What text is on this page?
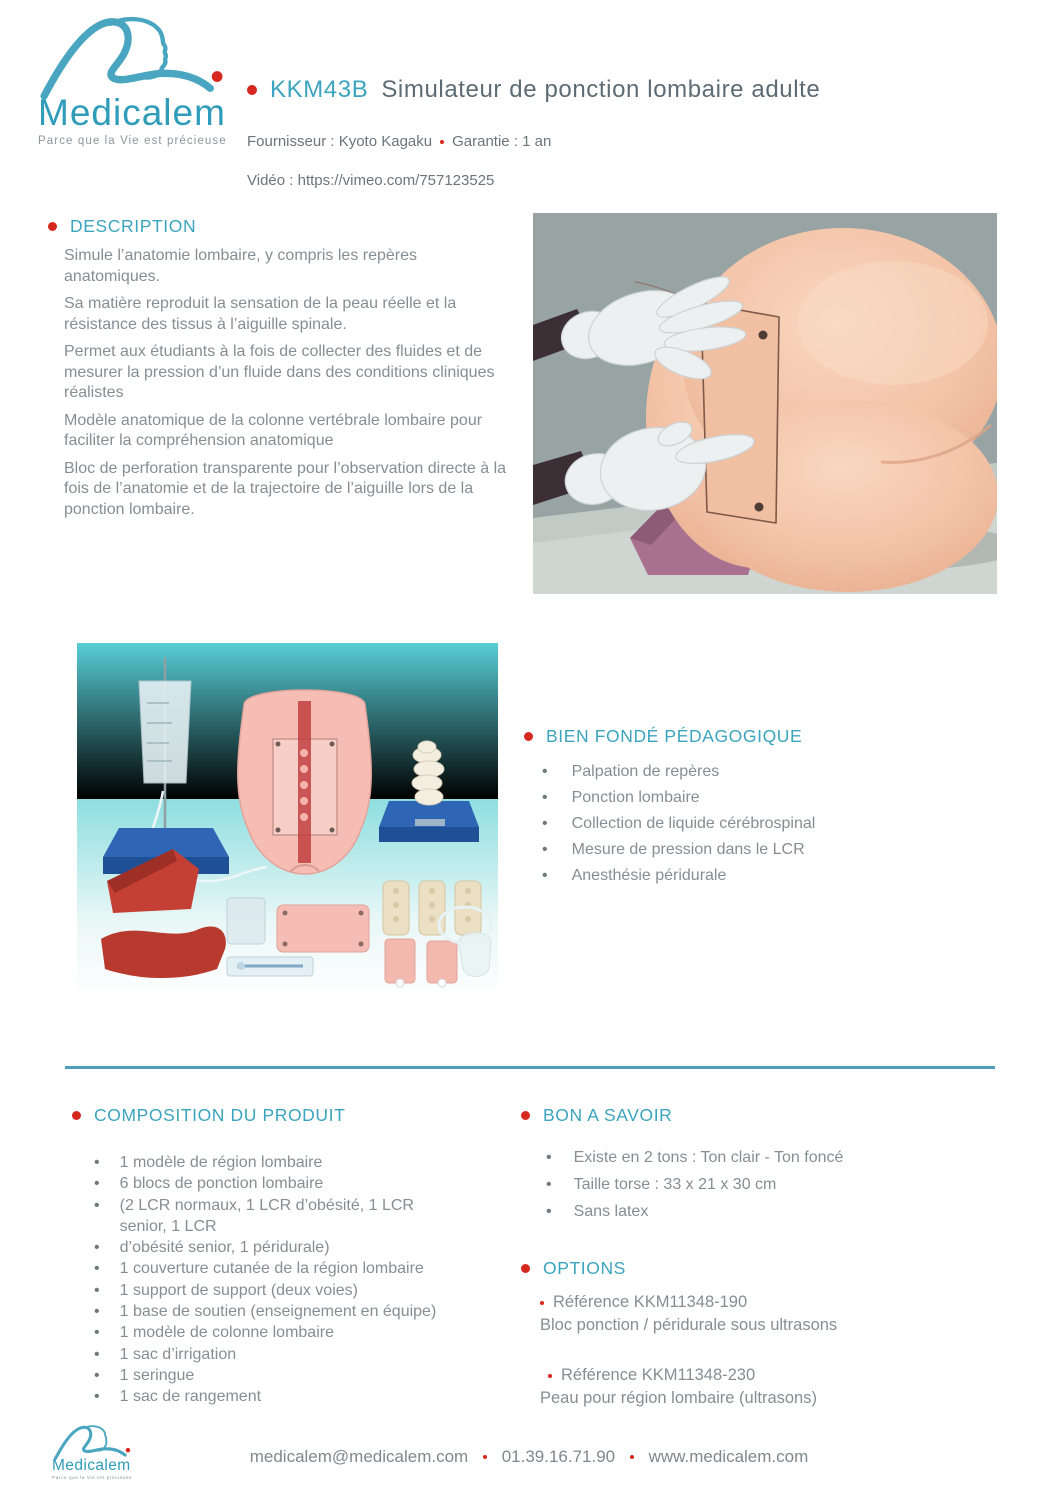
Medicalem
Parce que la Vie est précieuse
KKM43B Simulateur de ponction lombaire adulte
Fournisseur : Kyoto Kagaku Garantie : 1 an
Vidéo : https://vimeo.com/757123525
DESCRIPTION

Simule l’anatomie lombaire, y compris les repères anatomiques.

Sa matière reproduit la sensation de la peau réelle et la résistance des tissus à l’aiguille spinale.

Permet aux étudiants à la fois de collecter des fluides et de mesurer la pression d’un fluide dans des conditions cliniques réalistes

Modèle anatomique de la colonne vertébrale lombaire pour faciliter la compréhension anatomique

Bloc de perforation transparente pour l’observation directe à la fois de l’anatomie et de la trajectoire de l’aiguille lors de la ponction lombaire.

BIEN FONDÉ PÉDAGOGIQUE
• Palpation de repères
• Ponction lombaire
• Collection de liquide cérébrospinal
• Mesure de pression dans le LCR
• Anesthésie péridurale
COMPOSITION DU PRODUIT
• 1 modèle de région lombaire
• 6 blocs de ponction lombaire
• (2 LCR normaux, 1 LCR d’obésité, 1 LCR senior, 1 LCR
• d’obésité senior, 1 péridurale)
• 1 couverture cutanée de la région lombaire
• 1 support de support (deux voies)
• 1 base de soutien (enseignement en équipe)
• 1 modèle de colonne lombaire
• 1 sac d’irrigation
• 1 seringue
• 1 sac de rangement
BON A SAVOIR
• Existe en 2 tons : Ton clair - Ton foncé
• Taille torse : 33 x 21 x 30 cm
• Sans latex
OPTIONS
Référence KKM11348-190
Bloc ponction / péridurale sous ultrasons
Référence KKM11348-230
Peau pour région lombaire (ultrasons)
Medicalem
Parce que la Vie est précieuse
medicalem@medicalem.com 01.39.16.71.90 www.medicalem.com
